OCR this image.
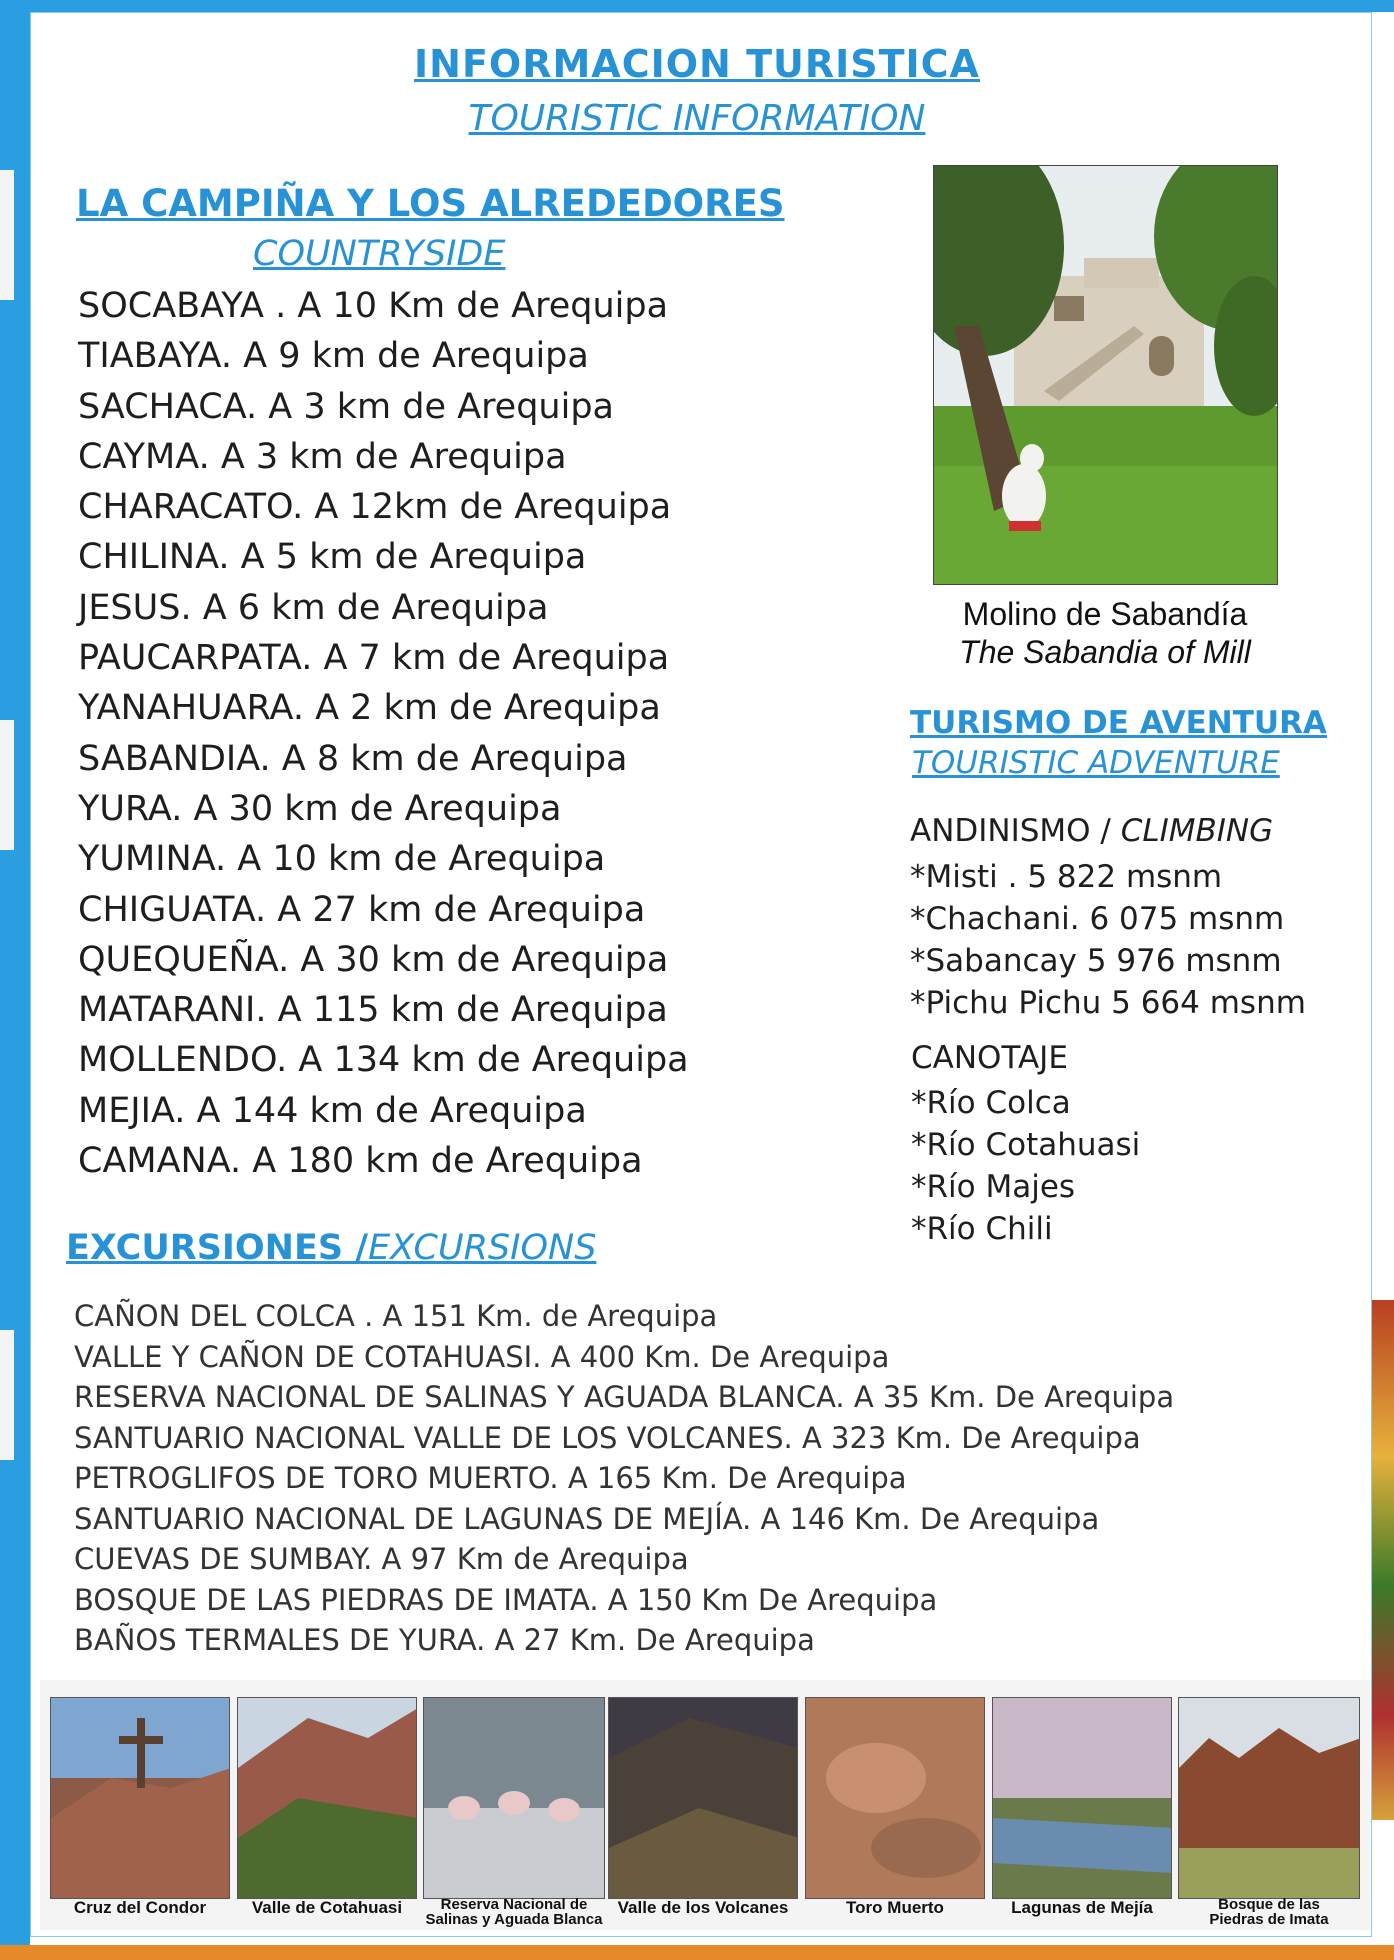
INFORMACION TURISTICA
TOURISTIC INFORMATION
LA CAMPIÑA Y LOS ALREDEDORES
COUNTRYSIDE
SOCABAYA . A 10 Km de Arequipa
TIABAYA. A 9 km de Arequipa
SACHACA. A 3 km de Arequipa
CAYMA. A 3 km de Arequipa
CHARACATO. A 12km de Arequipa
CHILINA. A 5 km de Arequipa
JESUS. A 6 km de Arequipa
PAUCARPATA. A 7 km de Arequipa
YANAHUARA. A 2 km de Arequipa
SABANDIA. A 8 km de Arequipa
YURA. A 30 km de Arequipa
YUMINA. A 10 km de Arequipa
CHIGUATA. A 27 km de Arequipa
QUEQUEÑA. A 30 km de Arequipa
MATARANI. A 115 km de Arequipa
MOLLENDO. A 134 km de Arequipa
MEJIA. A 144 km de Arequipa
CAMANA. A 180 km de Arequipa
Molino de Sabandía
The Sabandia of Mill
TURISMO DE AVENTURA
TOURISTIC ADVENTURE
ANDINISMO / CLIMBING
*Misti . 5 822 msnm
*Chachani. 6 075 msnm
*Sabancay 5 976 msnm
*Pichu Pichu 5 664 msnm
CANOTAJE
*Río Colca
*Río Cotahuasi
*Río Majes
*Río Chili
EXCURSIONES /EXCURSIONS
CAÑON DEL COLCA . A 151 Km. de Arequipa
VALLE Y CAÑON DE COTAHUASI. A 400 Km. De Arequipa
RESERVA NACIONAL DE SALINAS Y AGUADA BLANCA. A 35 Km. De Arequipa
SANTUARIO NACIONAL VALLE DE LOS VOLCANES. A 323 Km. De Arequipa
PETROGLIFOS DE TORO MUERTO. A 165 Km. De Arequipa
SANTUARIO NACIONAL DE LAGUNAS DE MEJÍA. A 146 Km. De Arequipa
CUEVAS DE SUMBAY. A 97 Km de Arequipa
BOSQUE DE LAS PIEDRAS DE IMATA. A 150 Km De Arequipa
BAÑOS TERMALES DE YURA. A 27 Km. De Arequipa
Cruz del Condor	Valle de Cotahuasi	Reserva Nacional de
Salinas y Aguada Blanca
Valle de los Volcanes	Toro Muerto	Lagunas de Mejía	Bosque de las
Piedras de Imata
